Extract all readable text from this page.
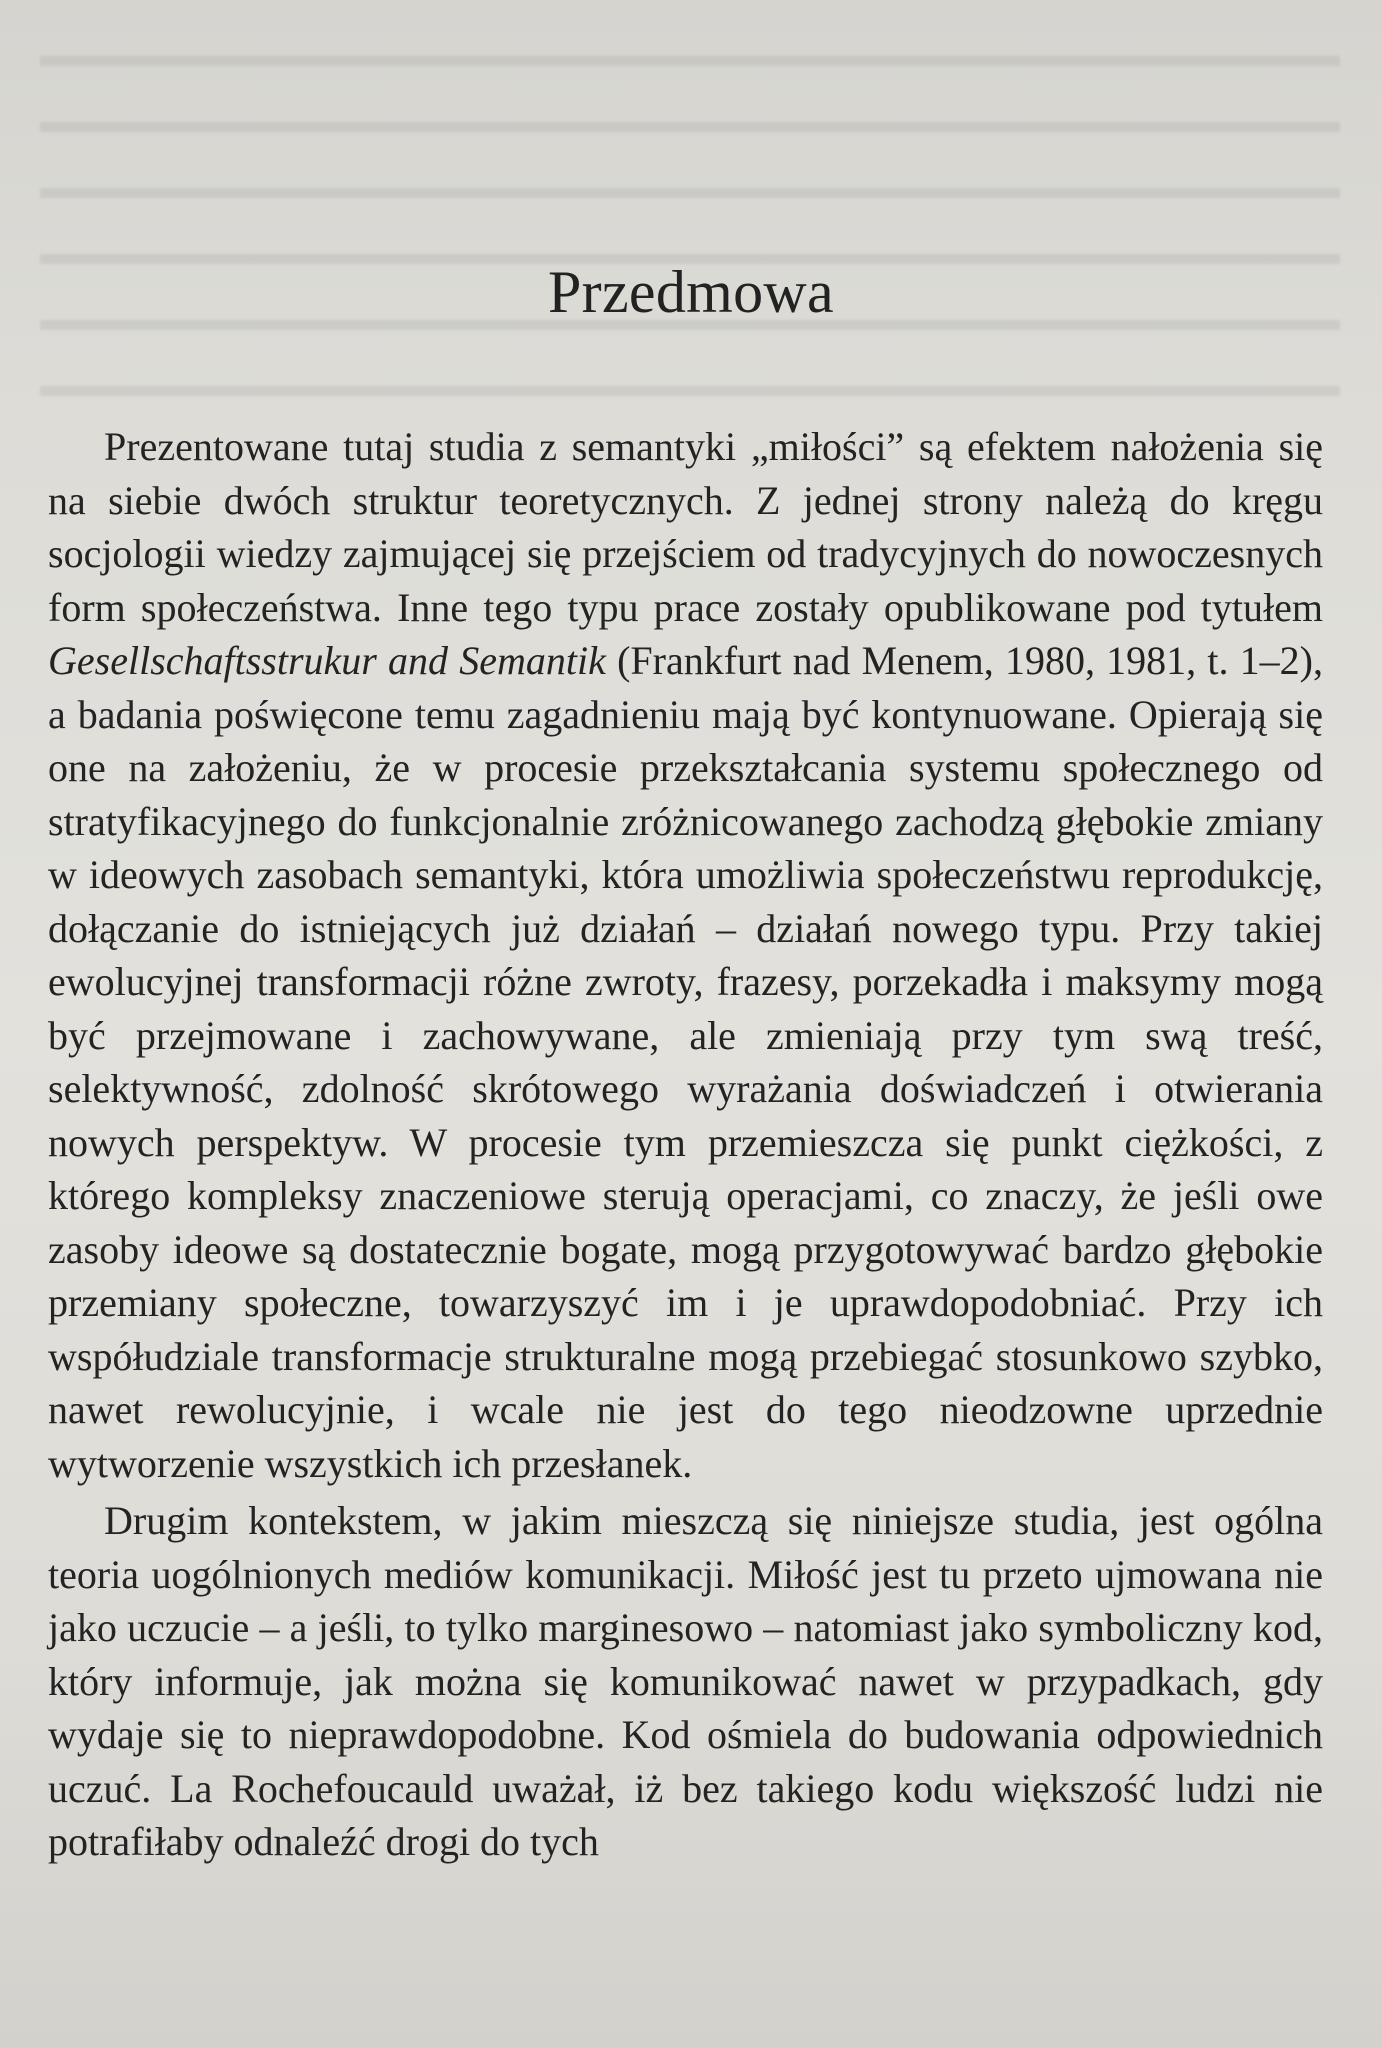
Przedmowa

Prezentowane tutaj studia z semantyki „miłości” są efektem nałożenia się na siebie dwóch struktur teoretycznych. Z jednej strony należą do kręgu socjologii wiedzy zajmującej się przejściem od tradycyjnych do nowoczesnych form społeczeństwa. Inne tego typu prace zostały opublikowane pod tytułem Gesellschaftsstrukur and Semantik (Frankfurt nad Menem, 1980, 1981, t. 1–2), a badania poświęcone temu zagadnieniu mają być kontynuowane. Opierają się one na założeniu, że w procesie przekształcania systemu społecznego od stratyfikacyjnego do funkcjonalnie zróżnicowanego zachodzą głębokie zmiany w ideowych zasobach semantyki, która umożliwia społeczeństwu reprodukcję, dołączanie do istniejących już działań – działań nowego typu. Przy takiej ewolucyjnej transformacji różne zwroty, frazesy, porzekadła i maksymy mogą być przejmowane i zachowywane, ale zmieniają przy tym swą treść, selektywność, zdolność skrótowego wyrażania doświadczeń i otwierania nowych perspektyw. W procesie tym przemieszcza się punkt ciężkości, z którego kompleksy znaczeniowe sterują operacjami, co znaczy, że jeśli owe zasoby ideowe są dostatecznie bogate, mogą przygotowywać bardzo głębokie przemiany społeczne, towarzyszyć im i je uprawdopodobniać. Przy ich współudziale transformacje strukturalne mogą przebiegać stosunkowo szybko, nawet rewolucyjnie, i wcale nie jest do tego nieodzowne uprzednie wytworzenie wszystkich ich przesłanek.

Drugim kontekstem, w jakim mieszczą się niniejsze studia, jest ogólna teoria uogólnionych mediów komunikacji. Miłość jest tu przeto ujmowana nie jako uczucie – a jeśli, to tylko marginesowo – natomiast jako symboliczny kod, który informuje, jak można się komunikować nawet w przypadkach, gdy wydaje się to nieprawdopodobne. Kod ośmiela do budowania odpowiednich uczuć. La Rochefoucauld uważał, iż bez takiego kodu większość ludzi nie potrafiłaby odnaleźć drogi do tych
